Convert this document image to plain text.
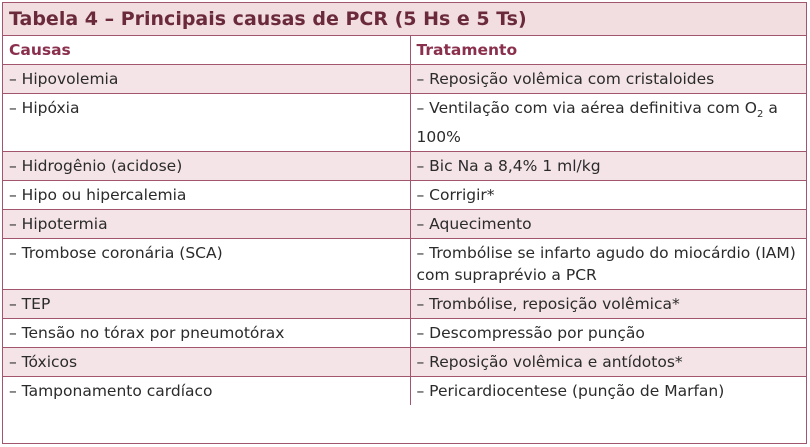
Tabela 4 – Principais causas de PCR (5 Hs e 5 Ts)
Causas	Tratamento
– Hipovolemia	– Reposição volêmica com cristaloides
– Hipóxia	– Ventilação com via aérea definitiva com $O_2$ a 100%
– Hidrogênio (acidose)	– Bic Na a 8,4% 1 ml/kg
– Hipo ou hipercalemia	– Corrigir*
– Hipotermia	– Aquecimento
– Trombose coronária (SCA)	– Trombólise se infarto agudo do miocárdio (IAM) com supraprévio a PCR
– TEP	– Trombólise, reposição volêmica*
– Tensão no tórax por pneumotórax	– Descompressão por punção
– Tóxicos	– Reposição volêmica e antídotos*
– Tamponamento cardíaco	– Pericardiocentese (punção de Marfan)
